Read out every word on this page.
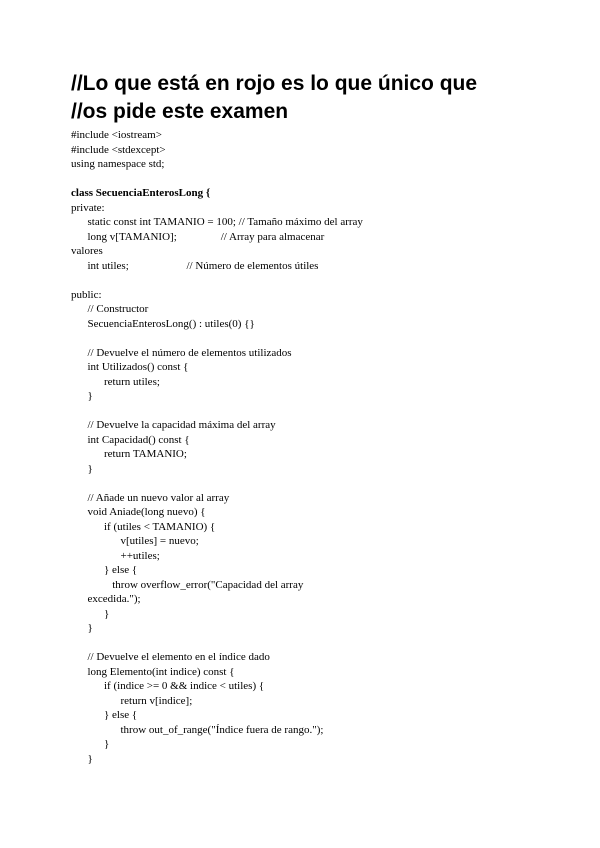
//Lo que está en rojo es lo que único que
//os pide este examen
#include <iostream>
#include <stdexcept>
using namespace std;
class SecuenciaEnterosLong {
private:
static const int TAMANIO = 100; // Tamaño máximo del array
long v[TAMANIO];                // Array para almacenar
valores
int utiles;                     // Número de elementos útiles
public:
// Constructor
SecuenciaEnterosLong() : utiles(0) {}
// Devuelve el número de elementos utilizados
int Utilizados() const {
return utiles;
}
// Devuelve la capacidad máxima del array
int Capacidad() const {
return TAMANIO;
}
// Añade un nuevo valor al array
void Aniade(long nuevo) {
if (utiles < TAMANIO) {
v[utiles] = nuevo;
++utiles;
} else {
throw overflow_error("Capacidad del array
excedida.");
}
}
// Devuelve el elemento en el índice dado
long Elemento(int indice) const {
if (indice >= 0 && indice < utiles) {
return v[indice];
} else {
throw out_of_range("Índice fuera de rango.");
}
}
